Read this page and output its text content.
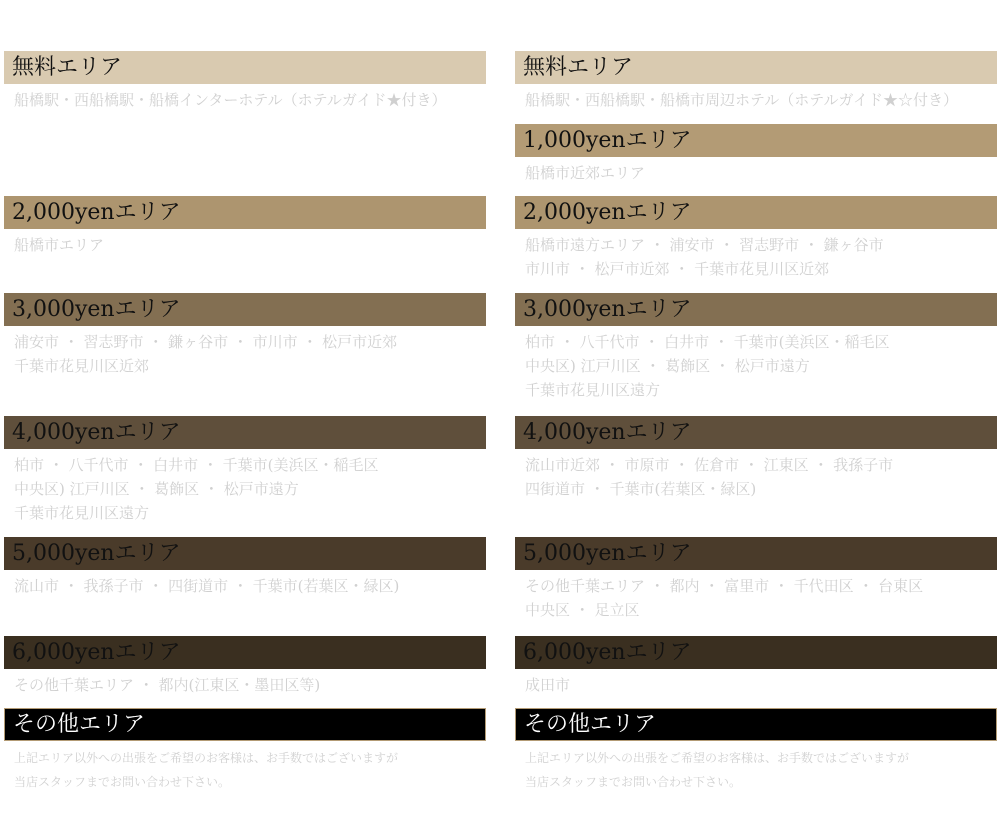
無料エリア
船橋駅・西船橋駅・船橋インターホテル（ホテルガイド★付き）
2,000yenエリア
船橋市エリア
3,000yenエリア
浦安市 ・ 習志野市 ・ 鎌ヶ谷市 ・ 市川市 ・ 松戸市近郊
千葉市花見川区近郊
4,000yenエリア
柏市 ・ 八千代市 ・ 白井市 ・ 千葉市(美浜区・稲毛区
中央区) 江戸川区 ・ 葛飾区 ・ 松戸市遠方
千葉市花見川区遠方
5,000yenエリア
流山市 ・ 我孫子市 ・ 四街道市 ・ 千葉市(若葉区・緑区)
6,000yenエリア
その他千葉エリア ・ 都内(江東区・墨田区等)
その他エリア
上記エリア以外への出張をご希望のお客様は、お手数ではございますが
当店スタッフまでお問い合わせ下さい。
無料エリア
船橋駅・西船橋駅・船橋市周辺ホテル（ホテルガイド★☆付き）
1,000yenエリア
船橋市近郊エリア
2,000yenエリア
船橋市遠方エリア ・ 浦安市 ・ 習志野市 ・ 鎌ヶ谷市
市川市 ・ 松戸市近郊 ・ 千葉市花見川区近郊
3,000yenエリア
柏市 ・ 八千代市 ・ 白井市 ・ 千葉市(美浜区・稲毛区
中央区) 江戸川区 ・ 葛飾区 ・ 松戸市遠方
千葉市花見川区遠方
4,000yenエリア
流山市近郊 ・ 市原市 ・ 佐倉市 ・ 江東区 ・ 我孫子市
四街道市 ・ 千葉市(若葉区・緑区)
5,000yenエリア
その他千葉エリア ・ 都内 ・ 富里市 ・ 千代田区 ・ 台東区
中央区 ・ 足立区
6,000yenエリア
成田市
その他エリア
上記エリア以外への出張をご希望のお客様は、お手数ではございますが
当店スタッフまでお問い合わせ下さい。
